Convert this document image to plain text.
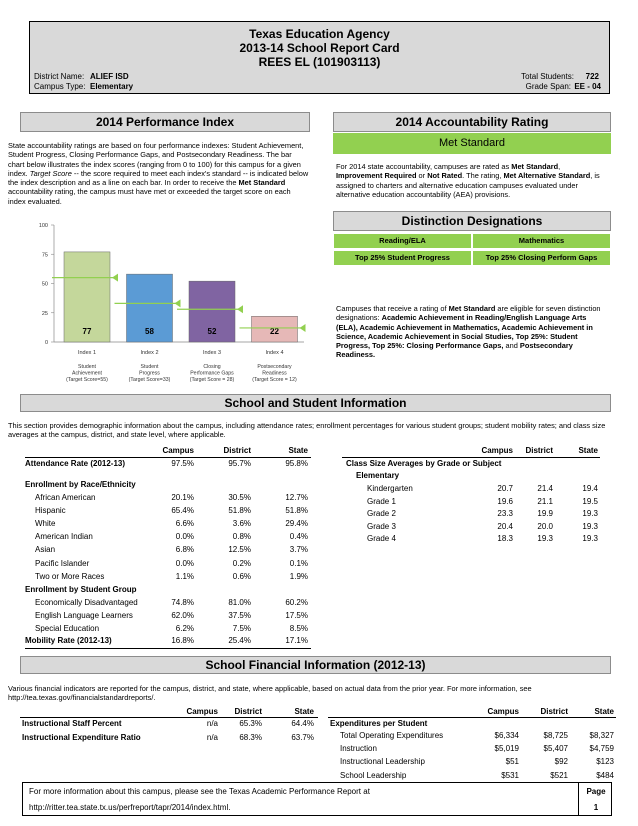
Texas Education Agency
2013-14 School Report Card
REES EL (101903113)
District Name: ALIEF ISD
Campus Type: Elementary
Total Students: 722
Grade Span: EE - 04
2014 Performance Index
State accountability ratings are based on four performance indexes: Student Achievement, Student Progress, Closing Performance Gaps, and Postsecondary Readiness. The bar chart below illustrates the index scores (ranging from 0 to 100) for this campus for a given index. Target Score -- the score required to meet each index's standard -- is indicated below the index description and as a line on each bar. In order to receive the Met Standard accountability rating, the campus must have met or exceeded the target score on each index evaluated.
0
25
50
75
100
77
Index 1
Student
Achievement
(Target Score=55)
58
Index 2
Student
Progress
(Target Score=33)
52
Index 3
Closing
Performance Gaps
(Target Score = 28)
22
Index 4
Postsecondary
Readiness
(Target Score = 12)
2014 Accountability Rating
Met Standard
For 2014 state accountability, campuses are rated as Met Standard, Improvement Required or Not Rated. The rating, Met Alternative Standard, is assigned to charters and alternative education campuses evaluated under alternative education accountability (AEA) provisions.
Distinction Designations
Reading/ELA	Mathematics
Top 25% Student Progress	Top 25% Closing Perform Gaps
Campuses that receive a rating of Met Standard are eligible for seven distinction designations: Academic Achievement in Reading/English Language Arts (ELA), Academic Achievement in Mathematics, Academic Achievement in Science, Academic Achievement in Social Studies, Top 25%: Student Progress, Top 25%: Closing Performance Gaps, and Postsecondary Readiness.
School and Student Information
This section provides demographic information about the campus, including attendance rates; enrollment percentages for various student groups; student mobility rates; and class size averages at the campus, district, and state level, where applicable.
Campus	District	State
Attendance Rate (2012-13)	97.5%	95.7%	95.8%
Enrollment by Race/Ethnicity
African American	20.1%	30.5%	12.7%
Hispanic	65.4%	51.8%	51.8%
White	6.6%	3.6%	29.4%
American Indian	0.0%	0.8%	0.4%
Asian	6.8%	12.5%	3.7%
Pacific Islander	0.0%	0.2%	0.1%
Two or More Races	1.1%	0.6%	1.9%
Enrollment by Student Group
Economically Disadvantaged	74.8%	81.0%	60.2%
English Language Learners	62.0%	37.5%	17.5%
Special Education	6.2%	7.5%	8.5%
Mobility Rate (2012-13)	16.8%	25.4%	17.1%
Campus	District	State
Class Size Averages by Grade or Subject
Elementary
Kindergarten	20.7	21.4	19.4
Grade 1	19.6	21.1	19.5
Grade 2	23.3	19.9	19.3
Grade 3	20.4	20.0	19.3
Grade 4	18.3	19.3	19.3
School Financial Information (2012-13)
Various financial indicators are reported for the campus, district, and state, where applicable, based on actual data from the prior year. For more information, see http://tea.texas.gov/financialstandardreports/.
Campus	District	State
Instructional Staff Percent	n/a	65.3%	64.4%
Instructional Expenditure Ratio	n/a	68.3%	63.7%
Campus	District	State
Expenditures per Student
Total Operating Expenditures	$6,334	$8,725	$8,327
Instruction	$5,019	$5,407	$4,759
Instructional Leadership	$51	$92	$123
School Leadership	$531	$521	$484
For more information about this campus, please see the Texas Academic Performance Report at
http://ritter.tea.state.tx.us/perfreport/tapr/2014/index.html.
Page
1
